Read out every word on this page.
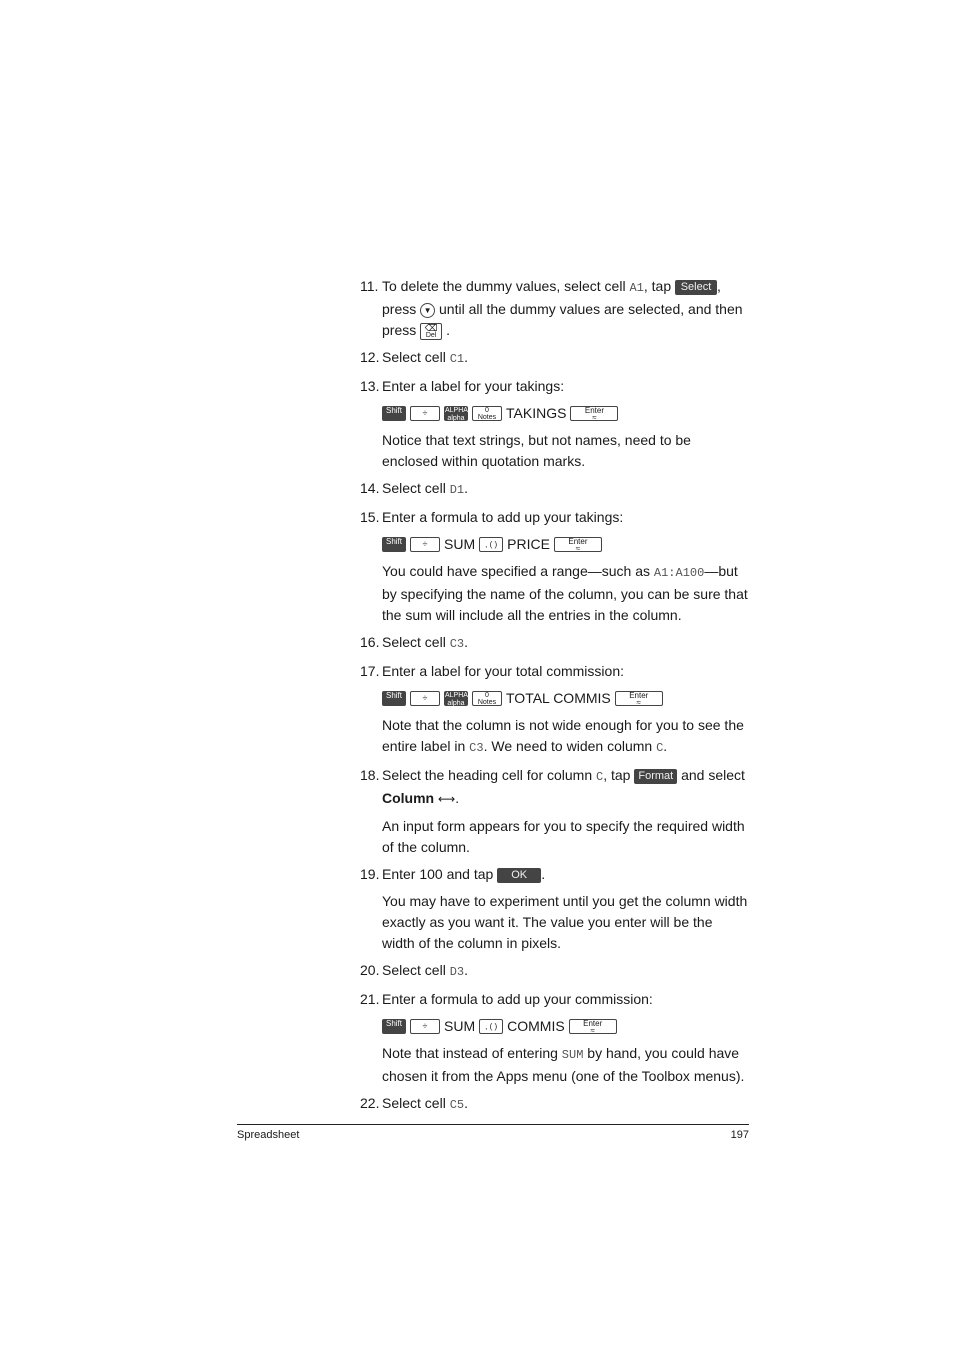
11. To delete the dummy values, select cell A1, tap Select , press ▼ until all the dummy values are selected, and then press ⌫
Del .
12. Select cell C1.
13. Enter a label for your takings:
Shift	÷	ALPHA
alpha
0
Notes TAKINGS	Enter
≈

Notice that text strings, but not names, need to be enclosed within quotation marks.

14. Select cell D1.
15. Enter a formula to add up your takings:
Shift	÷	SUM	, ( ) PRICE	Enter
≈

You could have specified a range—such as A1:A100—but by specifying the name of the column, you can be sure that the sum will include all the entries in the column.

16. Select cell C3.
17. Enter a label for your total commission:
Shift	÷	ALPHA
alpha
0
Notes TOTAL COMMIS	Enter
≈

Note that the column is not wide enough for you to see the entire label in C3. We need to widen column C.

18. Select the heading cell for column C, tap Format and select Column ⟷.

An input form appears for you to specify the required width of the column.

19. Enter 100 and tap OK .

You may have to experiment until you get the column width exactly as you want it. The value you enter will be the width of the column in pixels.

20. Select cell D3.
21. Enter a formula to add up your commission:
Shift	÷	SUM	, ( ) COMMIS	Enter
≈

Note that instead of entering SUM by hand, you could have chosen it from the Apps menu (one of the Toolbox menus).

22. Select cell C5.
Spreadsheet	197
